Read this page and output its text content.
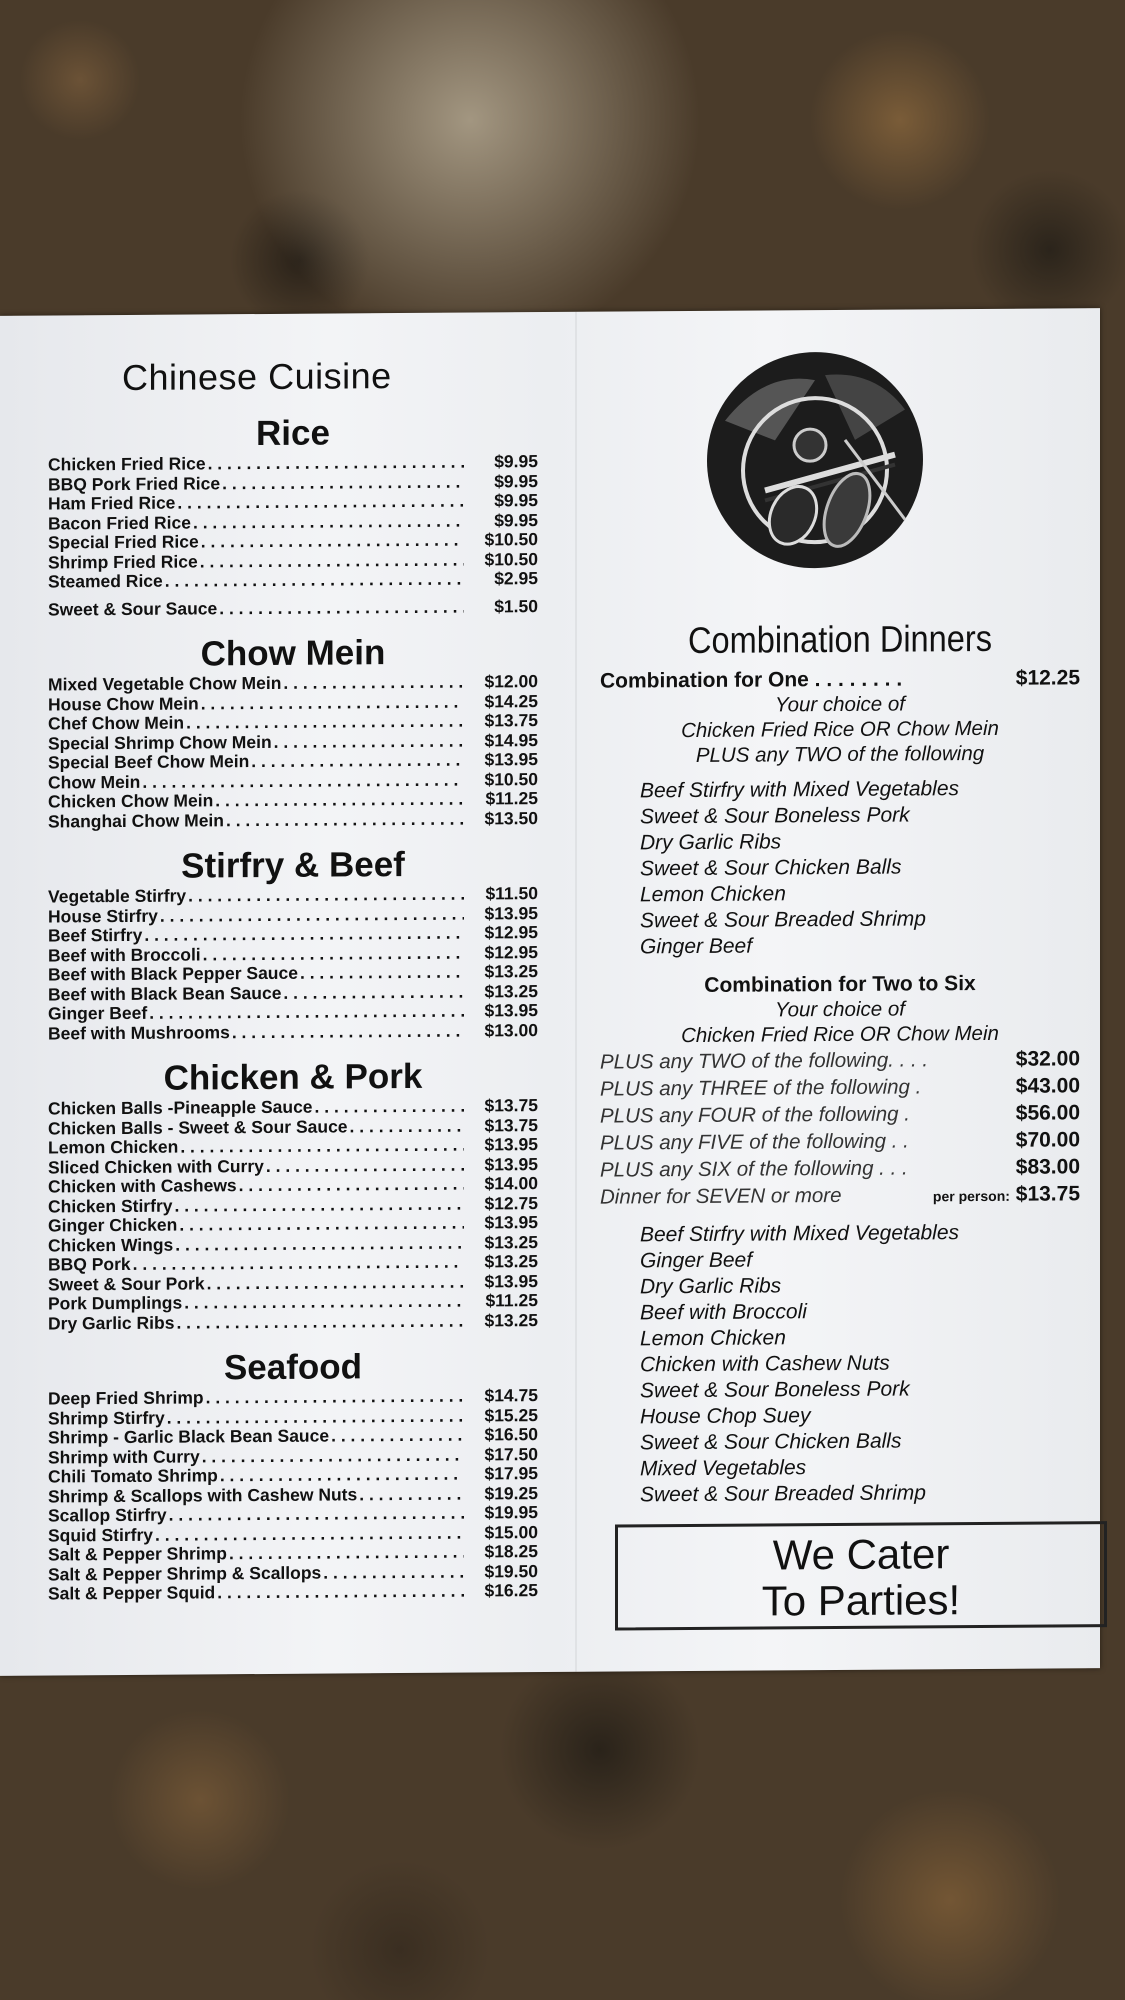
Chinese Cuisine
Rice
Chicken Fried Rice . . .	$9.95
BBQ Pork Fried Rice . . .	$9.95
Ham Fried Rice . . .	$9.95
Bacon Fried Rice . . .	$9.95
Special Fried Rice . . .	$10.50
Shrimp Fried Rice . . .	$10.50
Steamed Rice . . .	$2.95
Sweet & Sour Sauce . . .	$1.50
Chow Mein
Mixed Vegetable Chow Mein . . .	$12.00
House Chow Mein . . .	$14.25
Chef Chow Mein . . .	$13.75
Special Shrimp Chow Mein . . .	$14.95
Special Beef Chow Mein . . .	$13.95
Chow Mein . . .	$10.50
Chicken Chow Mein . . .	$11.25
Shanghai Chow Mein . . .	$13.50
Stirfry & Beef
Vegetable Stirfry . . .	$11.50
House Stirfry . . .	$13.95
Beef Stirfry . . .	$12.95
Beef with Broccoli . . .	$12.95
Beef with Black Pepper Sauce . . .	$13.25
Beef with Black Bean Sauce . . .	$13.25
Ginger Beef . . .	$13.95
Beef with Mushrooms . . .	$13.00
Chicken & Pork
Chicken Balls -Pineapple Sauce . . .	$13.75
Chicken Balls - Sweet & Sour Sauce . . .	$13.75
Lemon Chicken . . .	$13.95
Sliced Chicken with Curry . . .	$13.95
Chicken with Cashews . . .	$14.00
Chicken Stirfry . . .	$12.75
Ginger Chicken . . .	$13.95
Chicken Wings . . .	$13.25
BBQ Pork . . .	$13.25
Sweet & Sour Pork . . .	$13.95
Pork Dumplings . . .	$11.25
Dry Garlic Ribs . . .	$13.25
Seafood
Deep Fried Shrimp . . .	$14.75
Shrimp Stirfry . . .	$15.25
Shrimp - Garlic Black Bean Sauce . . .	$16.50
Shrimp with Curry . . .	$17.50
Chili Tomato Shrimp . . .	$17.95
Shrimp & Scallops with Cashew Nuts . . .	$19.25
Scallop Stirfry . . .	$19.95
Squid Stirfry . . .	$15.00
Salt & Pepper Shrimp . . .	$18.25
Salt & Pepper Shrimp & Scallops . . .	$19.50
Salt & Pepper Squid . . .	$16.25
Combination Dinners
Combination for One . . . . . . . .	$12.25
Your choice of
Chicken Fried Rice OR Chow Mein
PLUS any TWO of the following
Beef Stirfry with Mixed Vegetables
Sweet & Sour Boneless Pork
Dry Garlic Ribs
Sweet & Sour Chicken Balls
Lemon Chicken
Sweet & Sour Breaded Shrimp
Ginger Beef
Combination for Two to Six
Your choice of
Chicken Fried Rice OR Chow Mein
PLUS any TWO of the following. . . .	$32.00
PLUS any THREE of the following .	$43.00
PLUS any FOUR of the following .	$56.00
PLUS any FIVE of the following . .	$70.00
PLUS any SIX of the following . . .	$83.00
Dinner for SEVEN or more	per person: $13.75
Beef Stirfry with Mixed Vegetables
Ginger Beef
Dry Garlic Ribs
Beef with Broccoli
Lemon Chicken
Chicken with Cashew Nuts
Sweet & Sour Boneless Pork
House Chop Suey
Sweet & Sour Chicken Balls
Mixed Vegetables
Sweet & Sour Breaded Shrimp
We Cater
To Parties!
